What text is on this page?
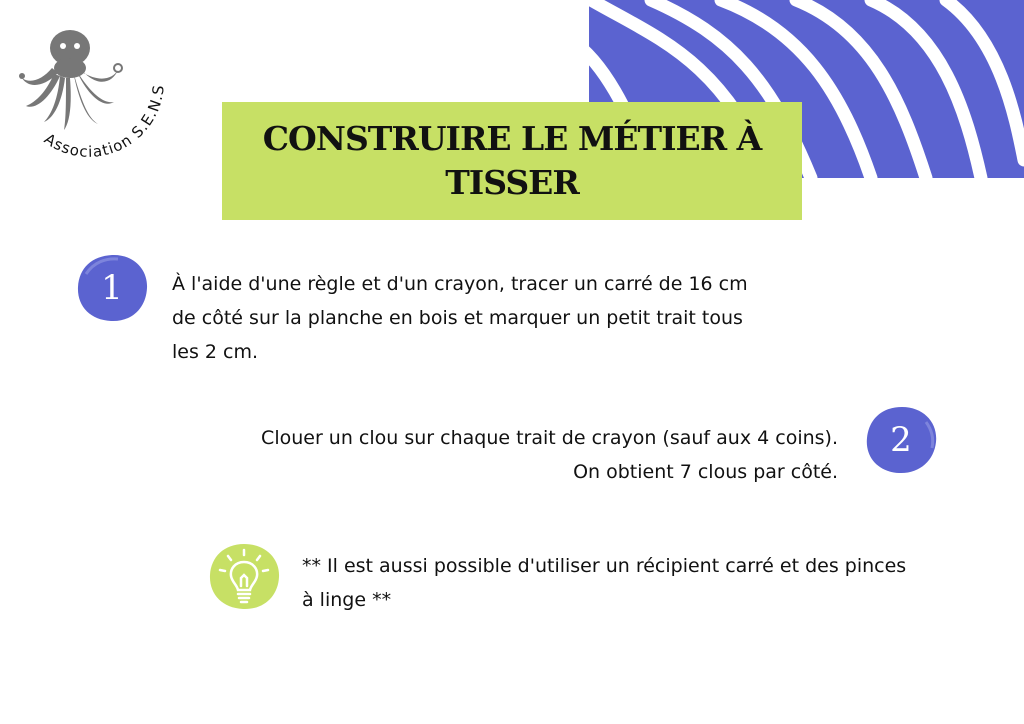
Association S.E.N.S
CONSTRUIRE LE MÉTIER À
TISSER
1	À l'aide d'une règle et d'un crayon, tracer un carré de 16 cm de côté sur la planche en bois et marquer un petit trait tous les 2 cm.

2

Clouer un clou sur chaque trait de crayon (sauf aux 4 coins). On obtient 7 clous par côté.

** Il est aussi possible d'utiliser un récipient carré et des pinces à linge **
